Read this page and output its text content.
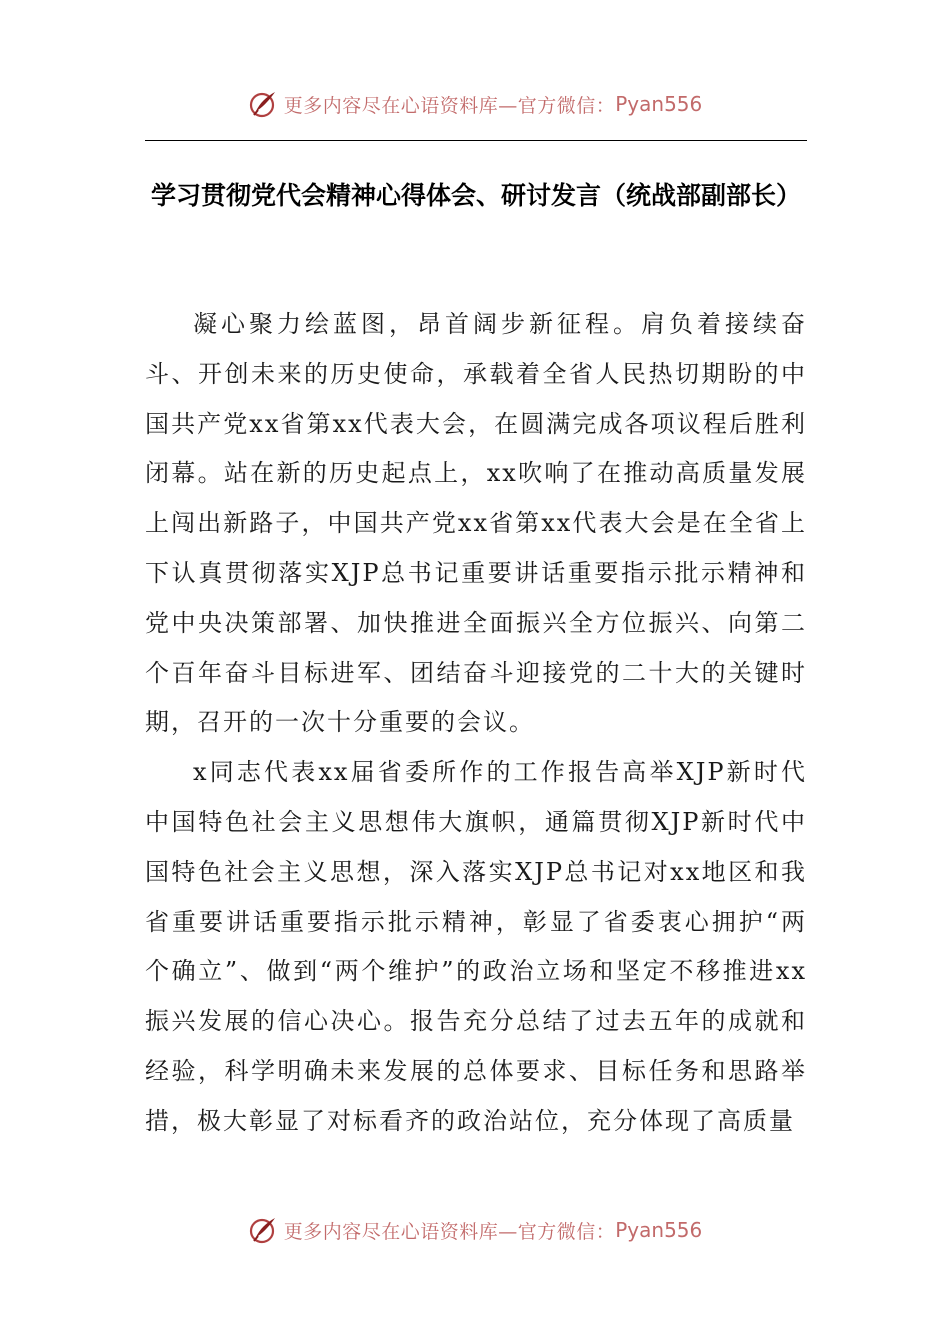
更多内容尽在心语资料库—官方微信： Pyan556
学习贯彻党代会精神心得体会、研讨发言（统战部副部长）

凝心聚力绘蓝图，昂首阔步新征程。肩负着接续奋斗、开创未来的历史使命，承载着全省人民热切期盼的中国共产党xx省第xx代表大会，在圆满完成各项议程后胜利闭幕。站在新的历史起点上，xx吹响了在推动高质量发展上闯出新路子，中国共产党xx省第xx代表大会是在全省上下认真贯彻落实XJP总书记重要讲话重要指示批示精神和党中央决策部署、加快推进全面振兴全方位振兴、向第二个百年奋斗目标进军、团结奋斗迎接党的二十大的关键时期，召开的一次十分重要的会议。

x同志代表xx届省委所作的工作报告高举XJP新时代中国特色社会主义思想伟大旗帜，通篇贯彻XJP新时代中国特色社会主义思想，深入落实XJP总书记对xx地区和我省重要讲话重要指示批示精神，彰显了省委衷心拥护“两个确立”、做到“两个维护”的政治立场和坚定不移推进xx振兴发展的信心决心。报告充分总结了过去五年的成就和经验，科学明确未来发展的总体要求、目标任务和思路举措，极大彰显了对标看齐的政治站位，充分体现了高质量

更多内容尽在心语资料库—官方微信： Pyan556
